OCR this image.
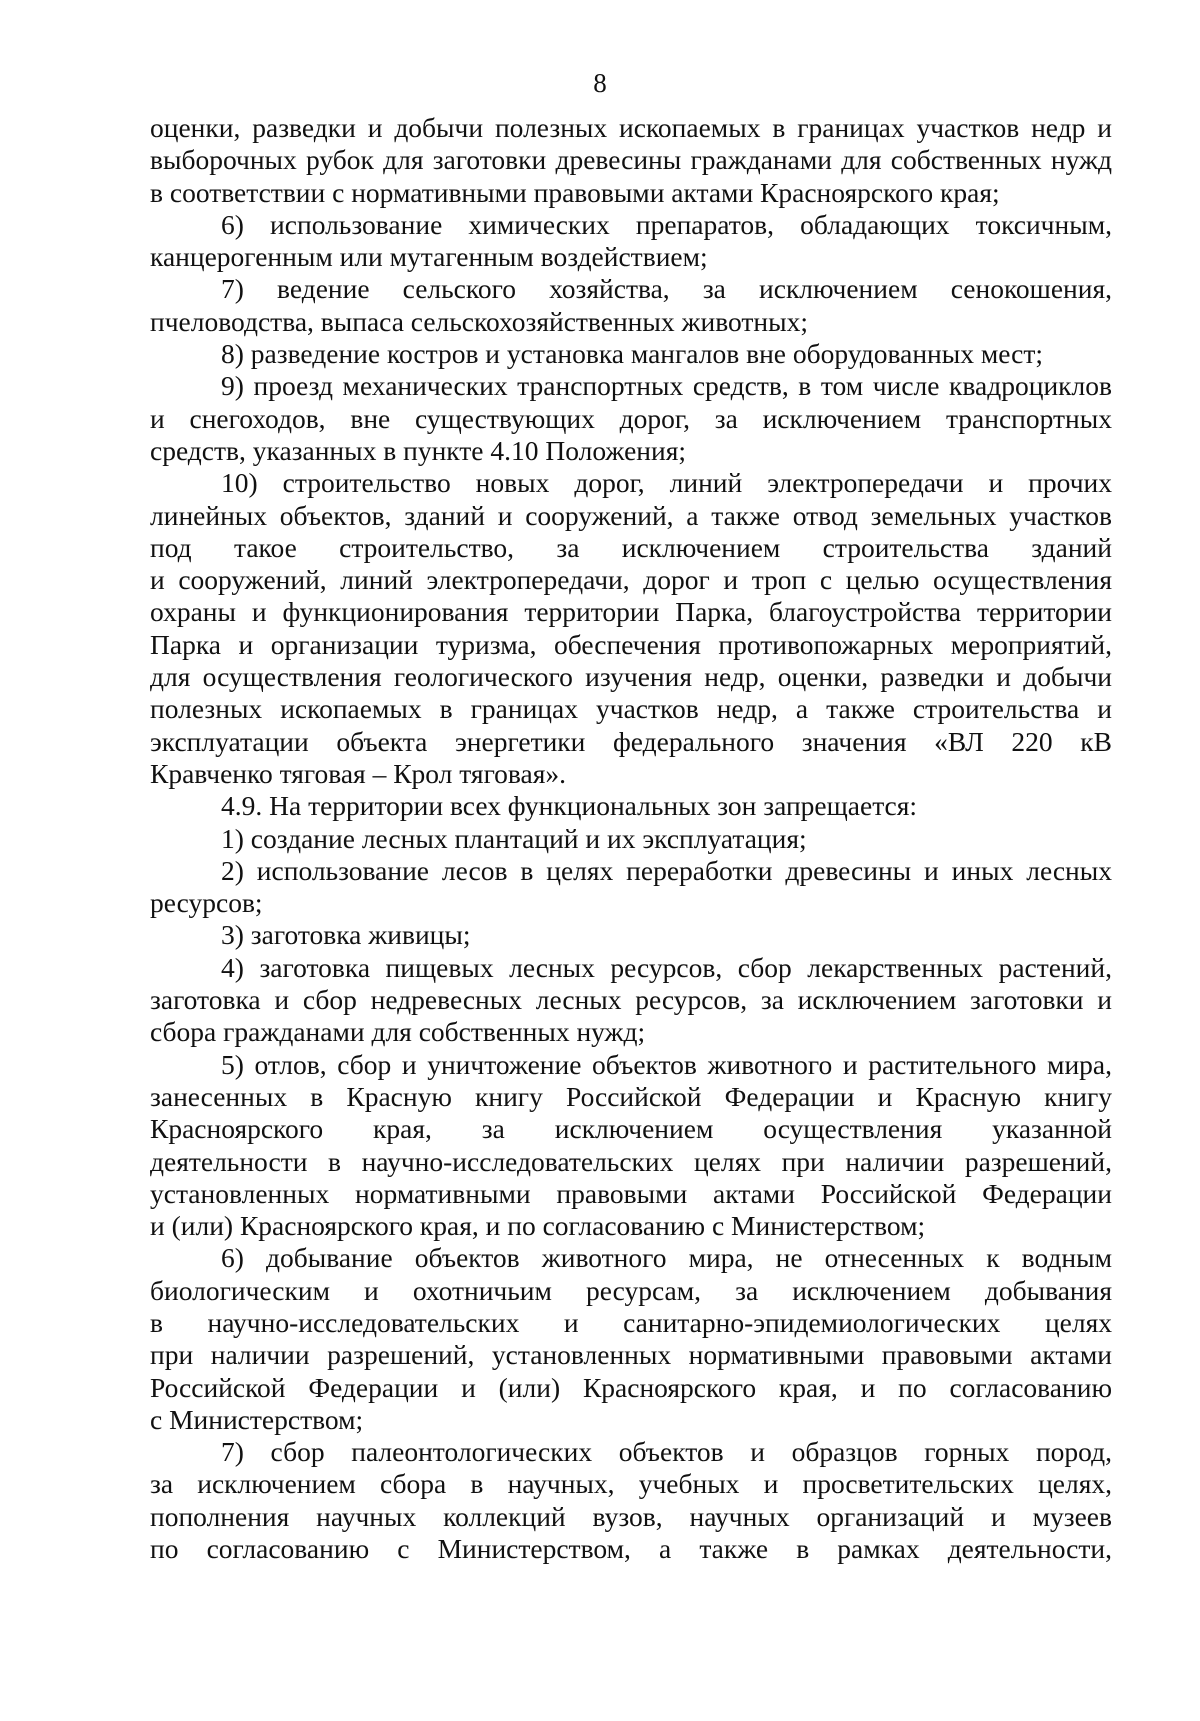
8
оценки, разведки и добычи полезных ископаемых в границах участков недр и
выборочных рубок для заготовки древесины гражданами для собственных нужд
в соответствии с нормативными правовыми актами Красноярского края;
6) использование химических препаратов, обладающих токсичным,
канцерогенным или мутагенным воздействием;
7) ведение сельского хозяйства, за исключением сенокошения,
пчеловодства, выпаса сельскохозяйственных животных;
8) разведение костров и установка мангалов вне оборудованных мест;
9) проезд механических транспортных средств, в том числе квадроциклов
и снегоходов, вне существующих дорог, за исключением транспортных
средств, указанных в пункте 4.10 Положения;
10) строительство новых дорог, линий электропередачи и прочих
линейных объектов, зданий и сооружений, а также отвод земельных участков
под такое строительство, за исключением строительства зданий
и сооружений, линий электропередачи, дорог и троп с целью осуществления
охраны и функционирования территории Парка, благоустройства территории
Парка и организации туризма, обеспечения противопожарных мероприятий,
для осуществления геологического изучения недр, оценки, разведки и добычи
полезных ископаемых в границах участков недр, а также строительства и
эксплуатации объекта энергетики федерального значения «ВЛ 220 кВ
Кравченко тяговая – Крол тяговая».
4.9. На территории всех функциональных зон запрещается:
1) создание лесных плантаций и их эксплуатация;
2) использование лесов в целях переработки древесины и иных лесных
ресурсов;
3) заготовка живицы;
4) заготовка пищевых лесных ресурсов, сбор лекарственных растений,
заготовка и сбор недревесных лесных ресурсов, за исключением заготовки и
сбора гражданами для собственных нужд;
5) отлов, сбор и уничтожение объектов животного и растительного мира,
занесенных в Красную книгу Российской Федерации и Красную книгу
Красноярского края, за исключением осуществления указанной
деятельности в научно-исследовательских целях при наличии разрешений,
установленных нормативными правовыми актами Российской Федерации
и (или) Красноярского края, и по согласованию с Министерством;
6) добывание объектов животного мира, не отнесенных к водным
биологическим и охотничьим ресурсам, за исключением добывания
в научно-исследовательских и санитарно-эпидемиологических целях
при наличии разрешений, установленных нормативными правовыми актами
Российской Федерации и (или) Красноярского края, и по согласованию
с Министерством;
7) сбор палеонтологических объектов и образцов горных пород,
за исключением сбора в научных, учебных и просветительских целях,
пополнения научных коллекций вузов, научных организаций и музеев
по согласованию с Министерством, а также в рамках деятельности,
